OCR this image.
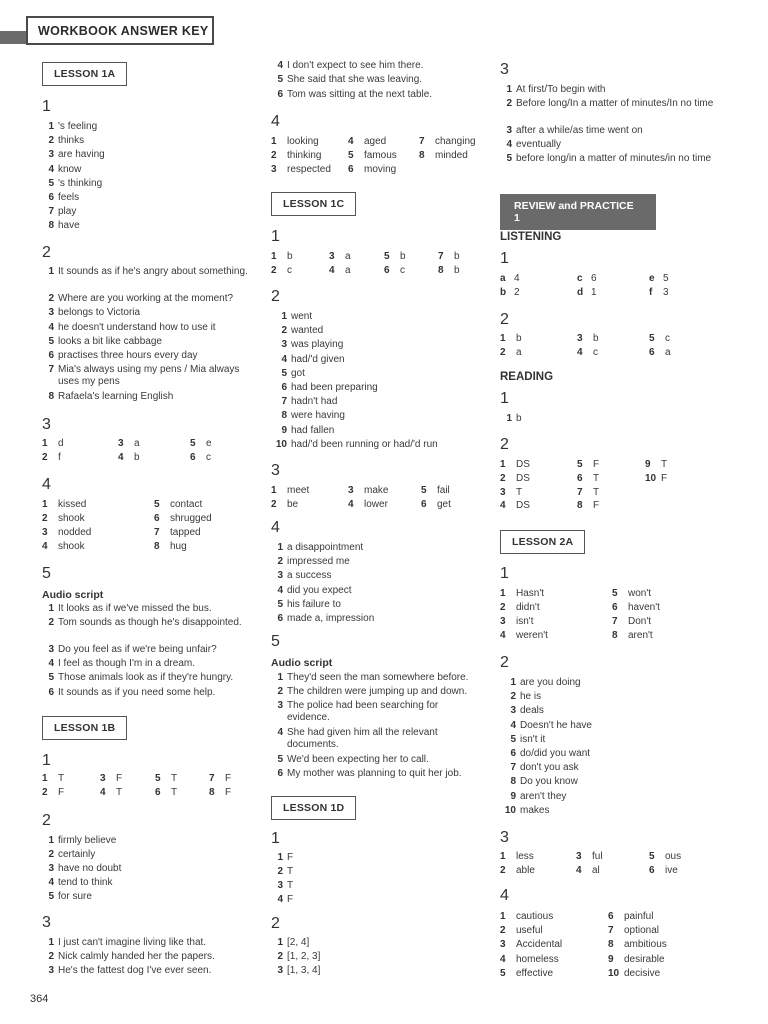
WORKBOOK ANSWER KEY
LESSON 1A
1
1 's feeling
2 thinks
3 are having
4 know
5 's thinking
6 feels
7 play
8 have
2
1 It sounds as if he's angry about something.
2 Where are you working at the moment?
3 belongs to Victoria
4 he doesn't understand how to use it
5 looks a bit like cabbage
6 practises three hours every day
7 Mia's always using my pens / Mia always uses my pens
8 Rafaela's learning English
3
1 d	3 a	5 e
2 f	4 b	6 c
4
1 kissed	5 contact
2 shook	6 shrugged
3 nodded	7 tapped
4 shook	8 hug
5
Audio script
1 It looks as if we've missed the bus.
2 Tom sounds as though he's disappointed.
3 Do you feel as if we're being unfair?
4 I feel as though I'm in a dream.
5 Those animals look as if they're hungry.
6 It sounds as if you need some help.
LESSON 1B
1
1 T	3 F	5 T	7 F
2 F	4 T	6 T	8 F
2
1 firmly believe
2 certainly
3 have no doubt
4 tend to think
5 for sure
3
1 I just can't imagine living like that.
2 Nick calmly handed her the papers.
3 He's the fattest dog I've ever seen.
4 I don't expect to see him there.
5 She said that she was leaving.
6 Tom was sitting at the next table.
4
1 looking	4 aged	7 changing
2 thinking	5 famous 8 minded
3 respected 6 moving
LESSON 1C
1
1 b	3 a	5 b	7 b
2 c	4 a	6 c	8 b
2
1 went
2 wanted
3 was playing
4 had/'d given
5 got
6 had been preparing
7 hadn't had
8 were having
9 had fallen
10 had/'d been running or had/'d run
3
1 meet	3 make	5 fail
2 be	4 lower	6 get
4
1 a disappointment
2 impressed me
3 a success
4 did you expect
5 his failure to
6 made a, impression
5
Audio script
1 They'd seen the man somewhere before.
2 The children were jumping up and down.
3 The police had been searching for evidence.
4 She had given him all the relevant documents.
5 We'd been expecting her to call.
6 My mother was planning to quit her job.
LESSON 1D
1
1 F
2 T
3 T
4 F
2
1 [2, 4]
2 [1, 2, 3]
3 [1, 3, 4]
3
1 At first/To begin with
2 Before long/In a matter of minutes/In no time
3 after a while/as time went on
4 eventually
5 before long/in a matter of minutes/in no time
REVIEW and PRACTICE 1
LISTENING
1
a 4	c 6	e 5
b 2	d 1	f 3
2
1 b	3 b	5 c
2 a	4 c	6 a
READING
1
1 b
2
1 DS	5 F	9 T
2 DS	6 T	10 F
3 T	7 T
4 DS	8 F
LESSON 2A
1
1 Hasn't	5 won't
2 didn't	6 haven't
3 isn't	7 Don't
4 weren't	8 aren't
2
1 are you doing
2 he is
3 deals
4 Doesn't he have
5 isn't it
6 do/did you want
7 don't you ask
8 Do you know
9 aren't they
10 makes
3
1 less	3 ful	5 ous
2 able	4 al	6 ive
4
1 cautious	6 painful
2 useful	7 optional
3 Accidental	8 ambitious
4 homeless	9 desirable
5 effective	10 decisive
364
